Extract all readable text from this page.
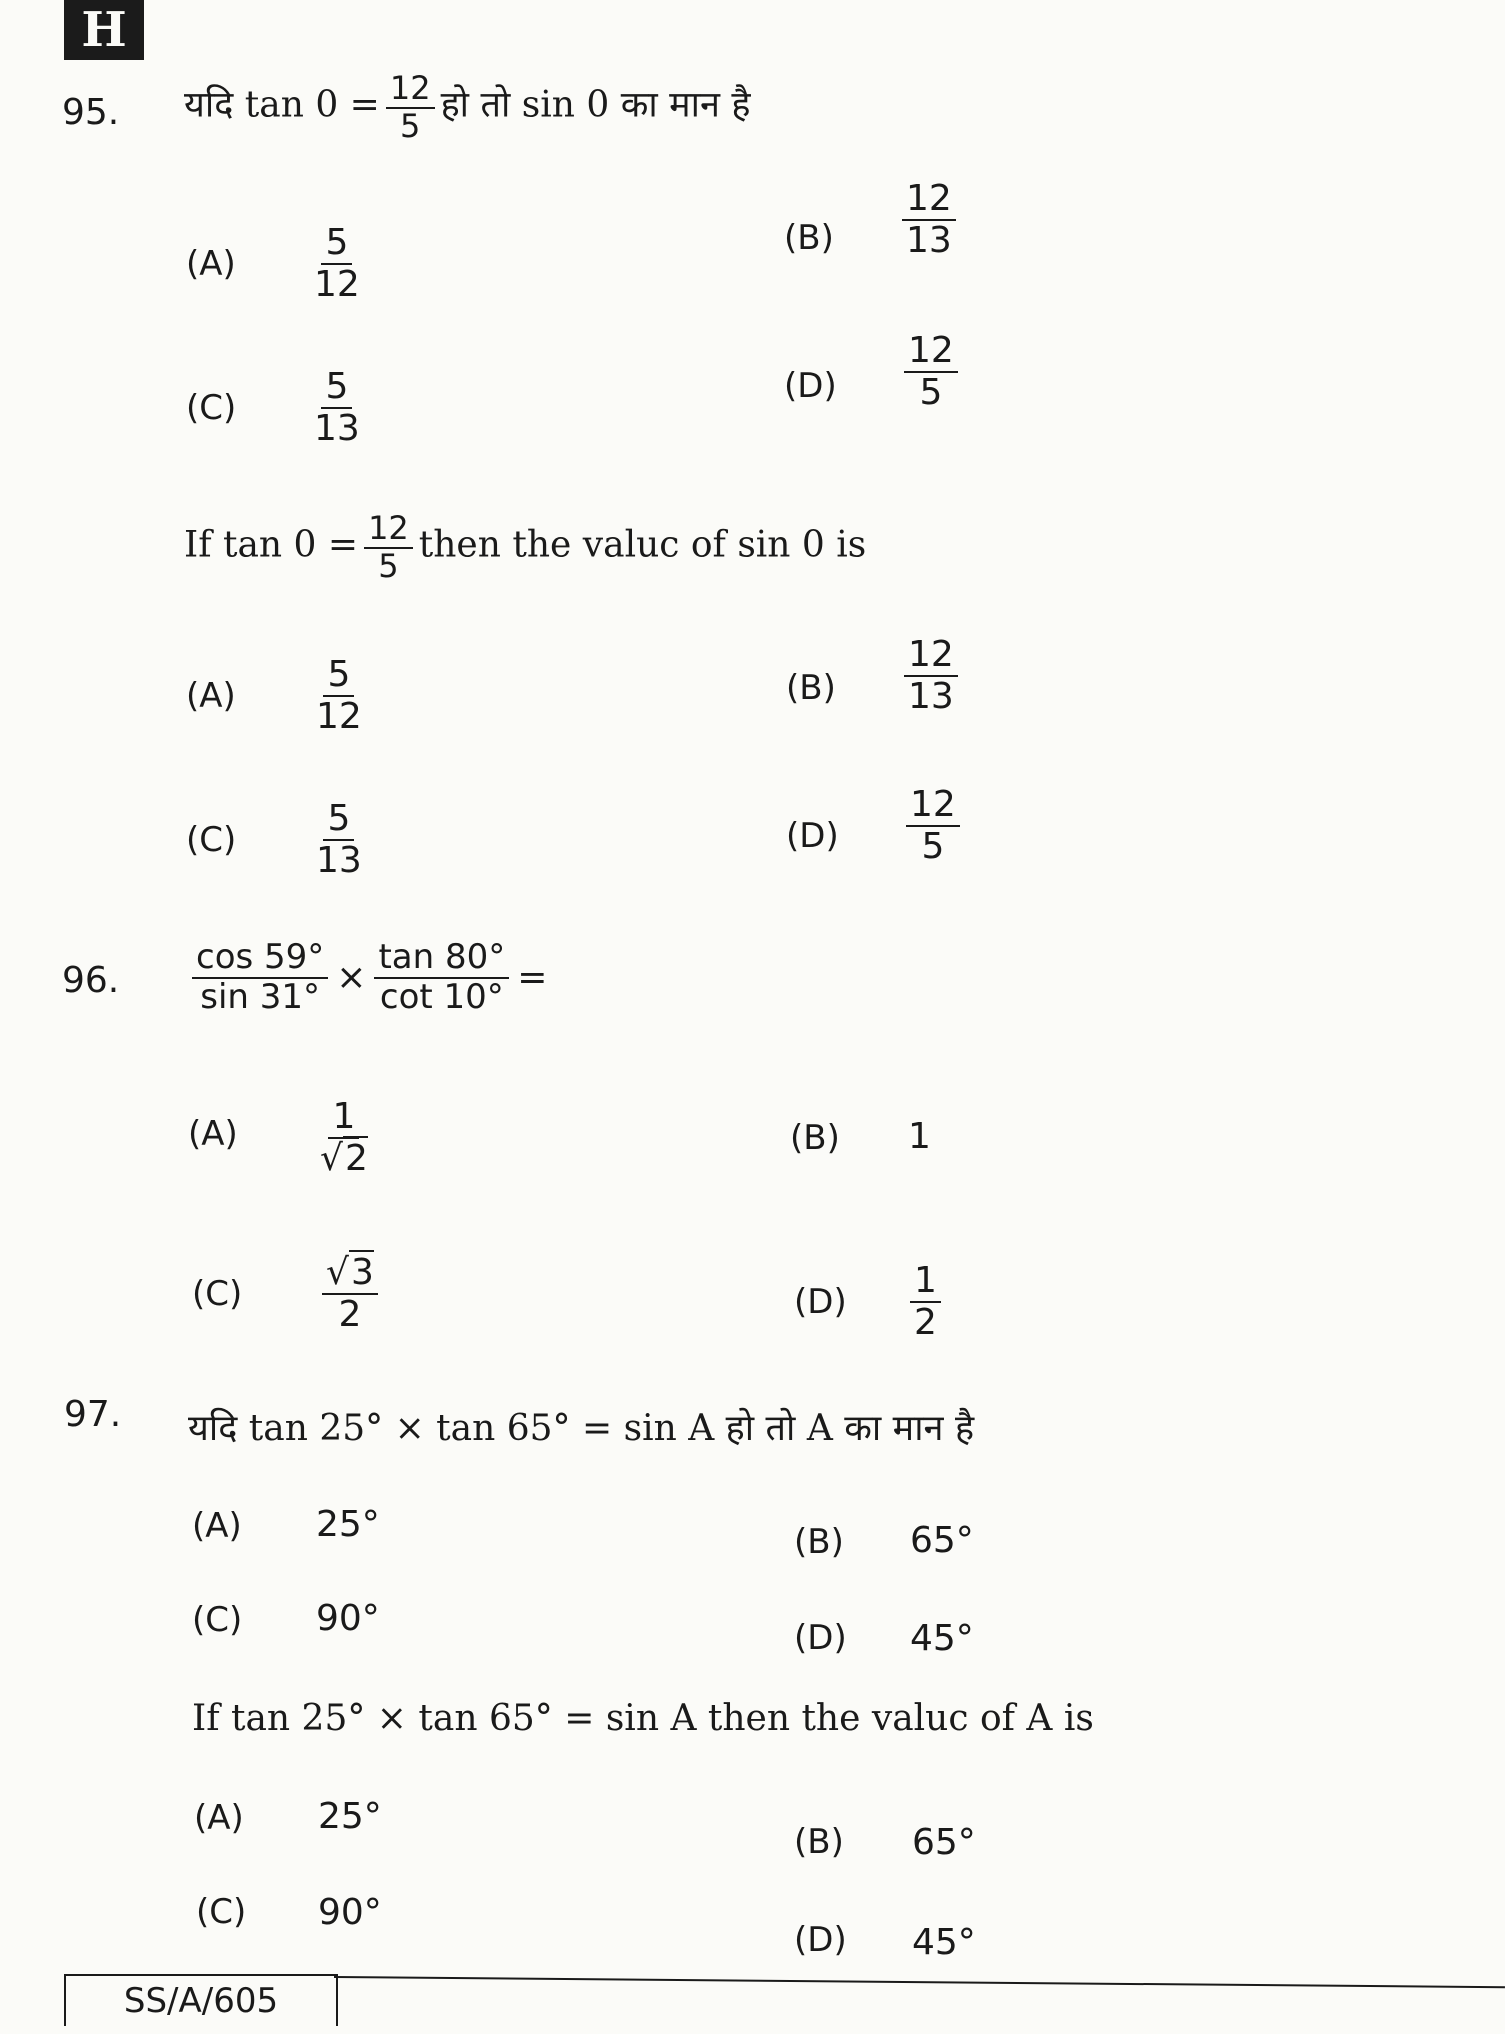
H
95. यदि $\tan 0 = \frac{12}{5}$ हो तो sin 0 का मान है
$(A) \frac{5}{12}$	$(B) \frac{12}{13}$
$(C) \frac{5}{13}$	$(D) \frac{12}{5}$
If $\tan 0 = \frac{12}{5}$ then the valuc of sin 0 is
$(A) \frac{5}{12}$	$(B) \frac{12}{13}$
$(C) \frac{5}{13}$	$(D) \frac{12}{5}$
96. $\frac{\cos 59^\circ}{\sin 31^\circ} \times \frac{\tan 80^\circ}{\cot 10^\circ}$ =
$(A) \frac{1}{√2}$	(B) 1
$(C) \frac{√3}{2}$	$(D) \frac{1}{2}$
97. यदि tan 25° × tan 65° = sin A हो तो A का मान है
(A) 25°	(B) 65°
(C) 90°	(D) 45°
If tan 25° × tan 65° = sin A then the valuc of A is
(A) 25°
(B) 65°
(C) 90°
(D) 45°
SS/A/605
